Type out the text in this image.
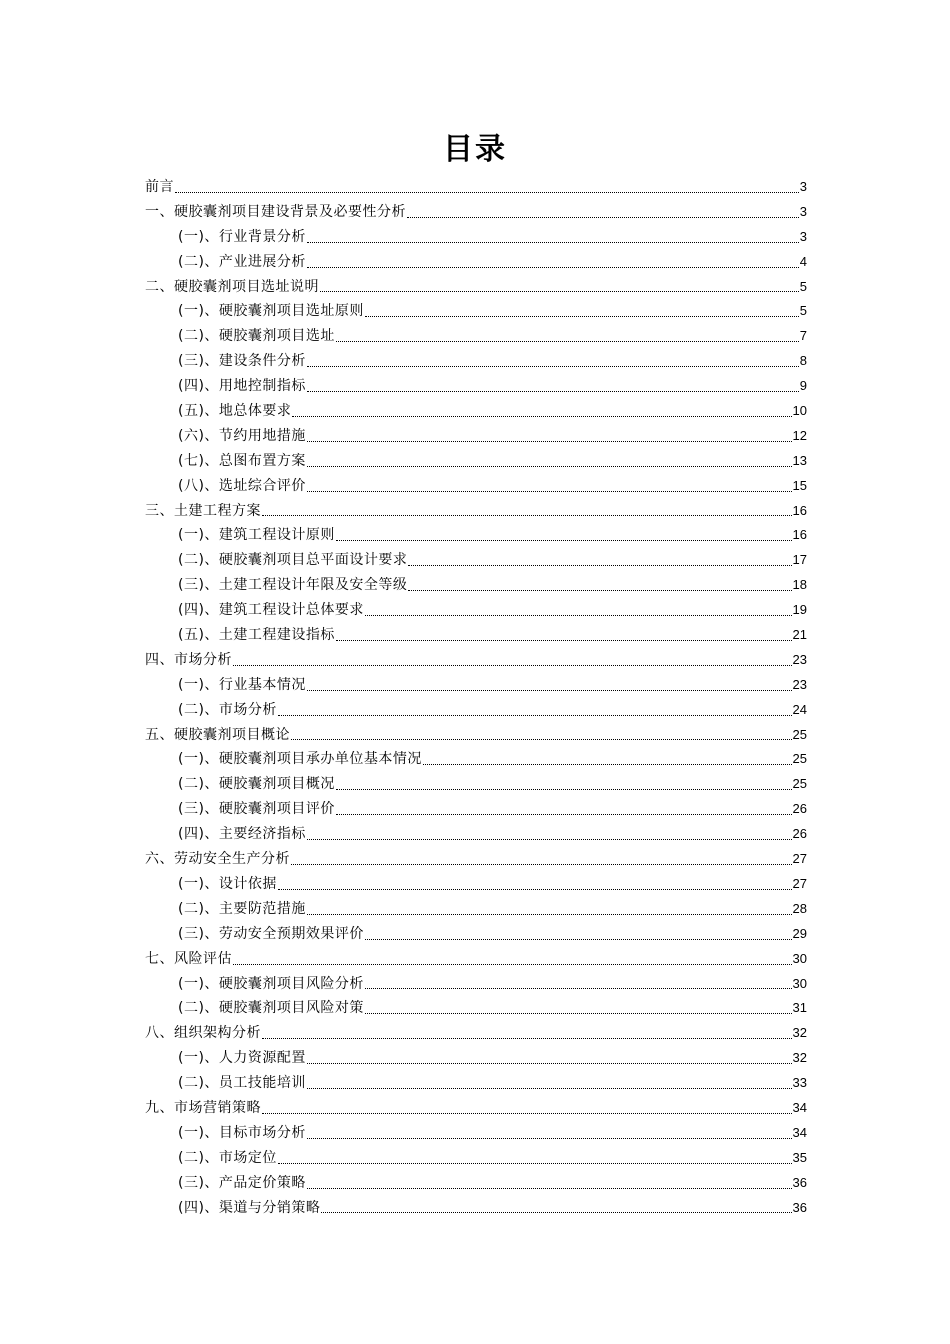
目录
前言	3
一、硬胶囊剂项目建设背景及必要性分析	3
(一)、行业背景分析	3
(二)、产业进展分析	4
二、硬胶囊剂项目选址说明	5
(一)、硬胶囊剂项目选址原则	5
(二)、硬胶囊剂项目选址	7
(三)、建设条件分析	8
(四)、用地控制指标	9
(五)、地总体要求	10
(六)、节约用地措施	12
(七)、总图布置方案	13
(八)、选址综合评价	15
三、土建工程方案	16
(一)、建筑工程设计原则	16
(二)、硬胶囊剂项目总平面设计要求	17
(三)、土建工程设计年限及安全等级	18
(四)、建筑工程设计总体要求	19
(五)、土建工程建设指标	21
四、市场分析	23
(一)、行业基本情况	23
(二)、市场分析	24
五、硬胶囊剂项目概论	25
(一)、硬胶囊剂项目承办单位基本情况	25
(二)、硬胶囊剂项目概况	25
(三)、硬胶囊剂项目评价	26
(四)、主要经济指标	26
六、劳动安全生产分析	27
(一)、设计依据	27
(二)、主要防范措施	28
(三)、劳动安全预期效果评价	29
七、风险评估	30
(一)、硬胶囊剂项目风险分析	30
(二)、硬胶囊剂项目风险对策	31
八、组织架构分析	32
(一)、人力资源配置	32
(二)、员工技能培训	33
九、市场营销策略	34
(一)、目标市场分析	34
(二)、市场定位	35
(三)、产品定价策略	36
(四)、渠道与分销策略	36
